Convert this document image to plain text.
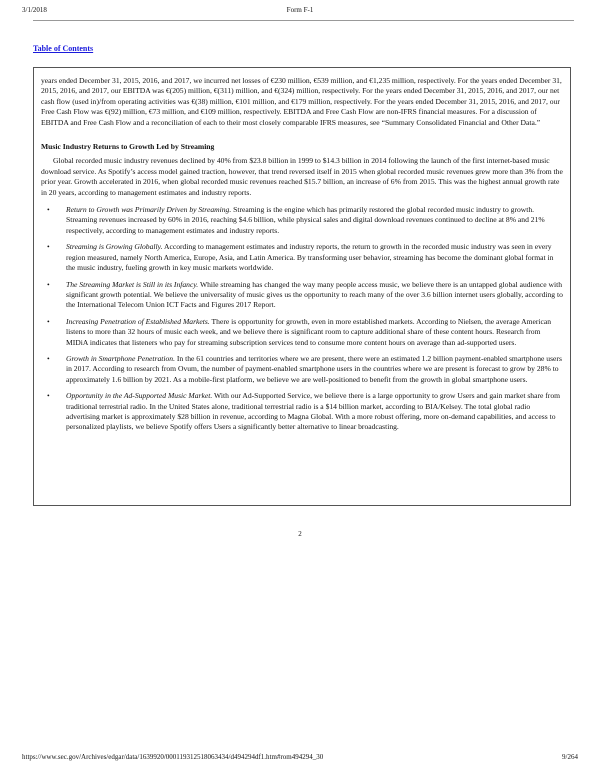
3/1/2018	Form F-1
Table of Contents

years ended December 31, 2015, 2016, and 2017, we incurred net losses of €230 million, €539 million, and €1,235 million, respectively. For the years ended December 31, 2015, 2016, and 2017, our EBITDA was €(205) million, €(311) million, and €(324) million, respectively. For the years ended December 31, 2015, 2016, and 2017, our net cash flow (used in)/from operating activities was €(38) million, €101 million, and €179 million, respectively. For the years ended December 31, 2015, 2016, and 2017, our Free Cash Flow was €(92) million, €73 million, and €109 million, respectively. EBITDA and Free Cash Flow are non-IFRS financial measures. For a discussion of EBITDA and Free Cash Flow and a reconciliation of each to their most closely comparable IFRS measures, see “Summary Consolidated Financial and Other Data.”

Music Industry Returns to Growth Led by Streaming

Global recorded music industry revenues declined by 40% from $23.8 billion in 1999 to $14.3 billion in 2014 following the launch of the first internet-based music download service. As Spotify’s access model gained traction, however, that trend reversed itself in 2015 when global recorded music revenues grew more than 3% from the prior year. Growth accelerated in 2016, when global recorded music revenues reached $15.7 billion, an increase of 6% from 2015. This was the highest annual growth rate in 20 years, according to management estimates and industry reports.

• Return to Growth was Primarily Driven by Streaming. Streaming is the engine which has primarily restored the global recorded music industry to growth. Streaming revenues increased by 60% in 2016, reaching $4.6 billion, while physical sales and digital download revenues continued to decline at 8% and 21% respectively, according to management estimates and industry reports.
• Streaming is Growing Globally. According to management estimates and industry reports, the return to growth in the recorded music industry was seen in every region measured, namely North America, Europe, Asia, and Latin America. By transforming user behavior, streaming has become the dominant global format in the music industry, fueling growth in key music markets worldwide.
• The Streaming Market is Still in its Infancy. While streaming has changed the way many people access music, we believe there is an untapped global audience with significant growth potential. We believe the universality of music gives us the opportunity to reach many of the over 3.6 billion internet users globally, according to the International Telecom Union ICT Facts and Figures 2017 Report.
• Increasing Penetration of Established Markets. There is opportunity for growth, even in more established markets. According to Nielsen, the average American listens to more than 32 hours of music each week, and we believe there is significant room to capture additional share of these content hours. Research from MIDiA indicates that listeners who pay for streaming subscription services tend to consume more content hours on average than ad-supported users.
• Growth in Smartphone Penetration. In the 61 countries and territories where we are present, there were an estimated 1.2 billion payment-enabled smartphone users in 2017. According to research from Ovum, the number of payment-enabled smartphone users in the countries where we are present is forecast to grow by 28% to approximately 1.6 billion by 2021. As a mobile-first platform, we believe we are well-positioned to benefit from the growth in global smartphone users.
• Opportunity in the Ad-Supported Music Market. With our Ad-Supported Service, we believe there is a large opportunity to grow Users and gain market share from traditional terrestrial radio. In the United States alone, traditional terrestrial radio is a $14 billion market, according to BIA/Kelsey. The total global radio advertising market is approximately $28 billion in revenue, according to Magna Global. With a more robust offering, more on-demand capabilities, and access to personalized playlists, we believe Spotify offers Users a significantly better alternative to linear broadcasting.
2
https://www.sec.gov/Archives/edgar/data/1639920/000119312518063434/d494294df1.htm#rom494294_30	9/264
